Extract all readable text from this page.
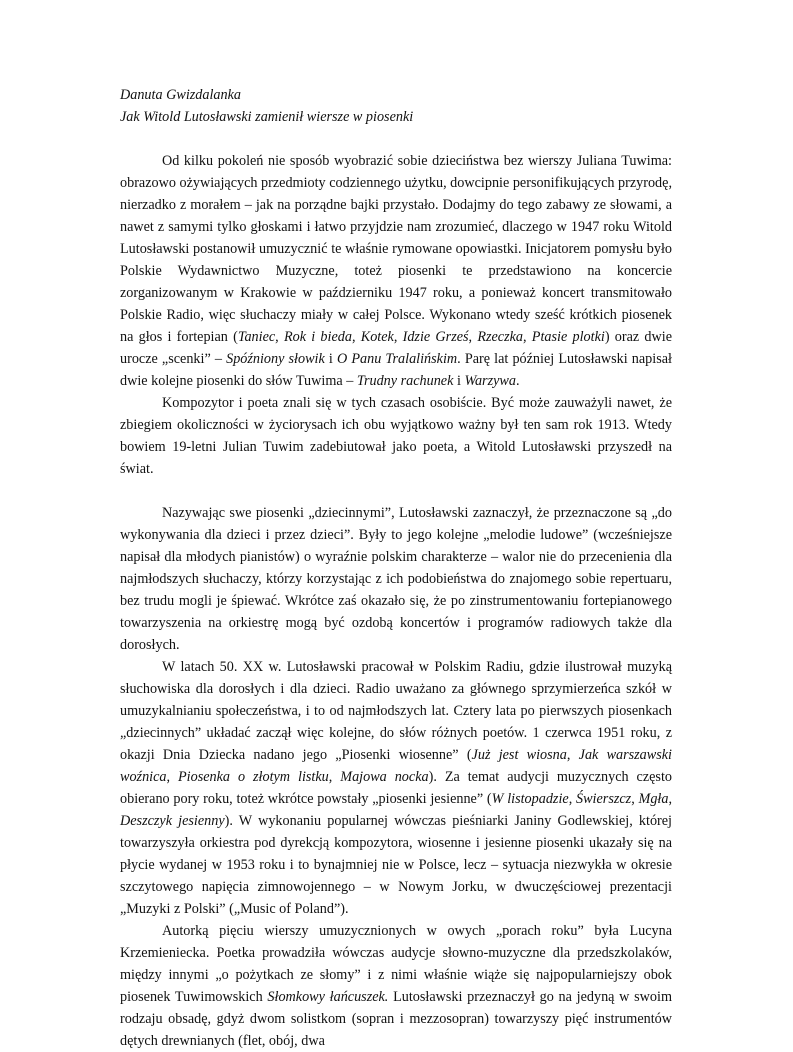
Danuta Gwizdalanka

Jak Witold Lutosławski zamienił wiersze w piosenki

Od kilku pokoleń nie sposób wyobrazić sobie dzieciństwa bez wierszy Juliana Tuwima: obrazowo ożywiających przedmioty codziennego użytku, dowcipnie personifikujących przyrodę, nierzadko z morałem – jak na porządne bajki przystało. Dodajmy do tego zabawy ze słowami, a nawet z samymi tylko głoskami i łatwo przyjdzie nam zrozumieć, dlaczego w 1947 roku Witold Lutosławski postanowił umuzycznić te właśnie rymowane opowiastki. Inicjatorem pomysłu było Polskie Wydawnictwo Muzyczne, toteż piosenki te przedstawiono na koncercie zorganizowanym w Krakowie w październiku 1947 roku, a ponieważ koncert transmitowało Polskie Radio, więc słuchaczy miały w całej Polsce. Wykonano wtedy sześć krótkich piosenek na głos i fortepian (Taniec, Rok i bieda, Kotek, Idzie Grześ, Rzeczka, Ptasie plotki) oraz dwie urocze „scenki” – Spóźniony słowik i O Panu Tralalińskim. Parę lat później Lutosławski napisał dwie kolejne piosenki do słów Tuwima – Trudny rachunek i Warzywa.

Kompozytor i poeta znali się w tych czasach osobiście. Być może zauważyli nawet, że zbiegiem okoliczności w życiorysach ich obu wyjątkowo ważny był ten sam rok 1913. Wtedy bowiem 19-letni Julian Tuwim zadebiutował jako poeta, a Witold Lutosławski przyszedł na świat.

Nazywając swe piosenki „dziecinnymi”, Lutosławski zaznaczył, że przeznaczone są „do wykonywania dla dzieci i przez dzieci”. Były to jego kolejne „melodie ludowe” (wcześniejsze napisał dla młodych pianistów) o wyraźnie polskim charakterze – walor nie do przecenienia dla najmłodszych słuchaczy, którzy korzystając z ich podobieństwa do znajomego sobie repertuaru, bez trudu mogli je śpiewać. Wkrótce zaś okazało się, że po zinstrumentowaniu fortepianowego towarzyszenia na orkiestrę mogą być ozdobą koncertów i programów radiowych także dla dorosłych.

W latach 50. XX w. Lutosławski pracował w Polskim Radiu, gdzie ilustrował muzyką słuchowiska dla dorosłych i dla dzieci. Radio uważano za głównego sprzymierzeńca szkół w umuzykalnianiu społeczeństwa, i to od najmłodszych lat. Cztery lata po pierwszych piosenkach „dziecinnych” układać zaczął więc kolejne, do słów różnych poetów. 1 czerwca 1951 roku, z okazji Dnia Dziecka nadano jego „Piosenki wiosenne” (Już jest wiosna, Jak warszawski woźnica, Piosenka o złotym listku, Majowa nocka). Za temat audycji muzycznych często obierano pory roku, toteż wkrótce powstały „piosenki jesienne” (W listopadzie, Świerszcz, Mgła, Deszczyk jesienny). W wykonaniu popularnej wówczas pieśniarki Janiny Godlewskiej, której towarzyszyła orkiestra pod dyrekcją kompozytora, wiosenne i jesienne piosenki ukazały się na płycie wydanej w 1953 roku i to bynajmniej nie w Polsce, lecz – sytuacja niezwykła w okresie szczytowego napięcia zimnowojennego – w Nowym Jorku, w dwuczęściowej prezentacji „Muzyki z Polski” („Music of Poland”).

Autorką pięciu wierszy umuzycznionych w owych „porach roku” była Lucyna Krzemieniecka. Poetka prowadziła wówczas audycje słowno-muzyczne dla przedszkolaków, między innymi „o pożytkach ze słomy” i z nimi właśnie wiąże się najpopularniejszy obok piosenek Tuwimowskich Słomkowy łańcuszek. Lutosławski przeznaczył go na jedyną w swoim rodzaju obsadę, gdyż dwom solistkom (sopran i mezzosopran) towarzyszy pięć instrumentów dętych drewnianych (flet, obój, dwa
